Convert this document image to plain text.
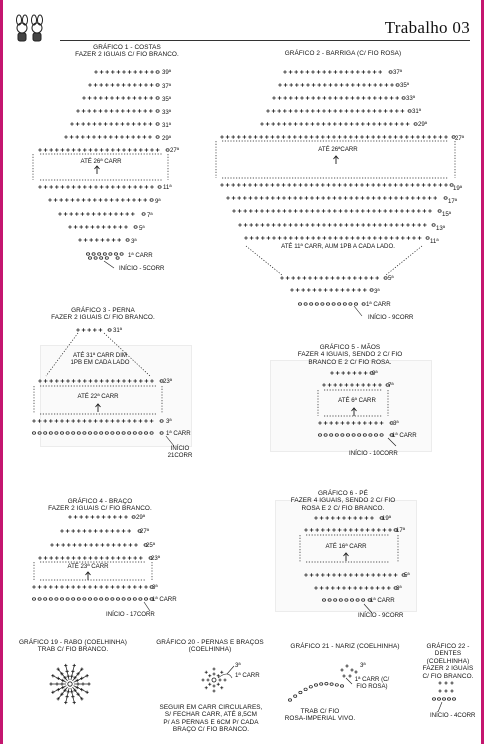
Trabalho 03
GRÁFICO 1 - COSTAS
FAZER 2 IGUAIS C/ FIO BRANCO.
39ª
37ª
35ª
33ª
31ª
29ª
27ª
ATÉ 26ª CARR
11ª
9ª
7ª
5ª
3ª
1ª CARR
INÍCIO - 5CORR
GRÁFICO 2 - BARRIGA (C/ FIO ROSA)
37ª
35ª
33ª
31ª
29ª
27ª
ATÉ 26ªCARR
19ª
17ª
15ª
13ª
11ª
ATÉ 11ª CARR, AUM 1PB A CADA LADO.
5ª
3ª
1ª CARR
INÍCIO - 9CORR
GRÁFICO 3 - PERNA
FAZER 2 IGUAIS C/ FIO BRANCO.
31ª
ATÉ 31ª CARR DIM
1PB EM CADA LADO
23ª
ATÉ 22ª CARR
3ª
1ª CARR
INÍCIO
21CORR
GRÁFICO 5 - MÃOS
FAZER 4 IGUAIS, SENDO 2 C/ FIO
BRANCO E 2 C/ FIO ROSA.
9ª
7ª
ATÉ 6ª CARR
3ª
1ª CARR
INÍCIO - 10CORR
GRÁFICO 4 - BRAÇO
FAZER 2 IGUAIS C/ FIO BRANCO.
29ª
27ª
25ª
23ª
ATÉ 23ª CARR
3ª
1ª CARR
INÍCIO - 17CORR
GRÁFICO 6 - PÉ
FAZER 4 IGUAIS, SENDO 2 C/ FIO
ROSA E 2 C/ FIO BRANCO.
19ª
17ª
ATÉ 16ª CARR
5ª
3ª
1ª CARR
INÍCIO - 9CORR
GRÁFICO 19 - RABO (COELHINHA)
TRAB C/ FIO BRANCO.
GRÁFICO 20 - PERNAS E BRAÇOS
(COELHINHA)
3ª
1ª CARR
SEGUIR EM CARR CIRCULARES,
S/ FECHAR CARR, ATÉ 8,5CM
P/ AS PERNAS E 6CM P/ CADA
BRAÇO C/ FIO BRANCO.
GRÁFICO 21 - NARIZ (COELHINHA)
3ª
1ª CARR (C/
FIO ROSA)
TRAB C/ FIO
ROSA-IMPERIAL VIVO.
GRÁFICO 22 - DENTES
(COELHINHA)
FAZER 2 IGUAIS
C/ FIO BRANCO.
INÍCIO - 4CORR
